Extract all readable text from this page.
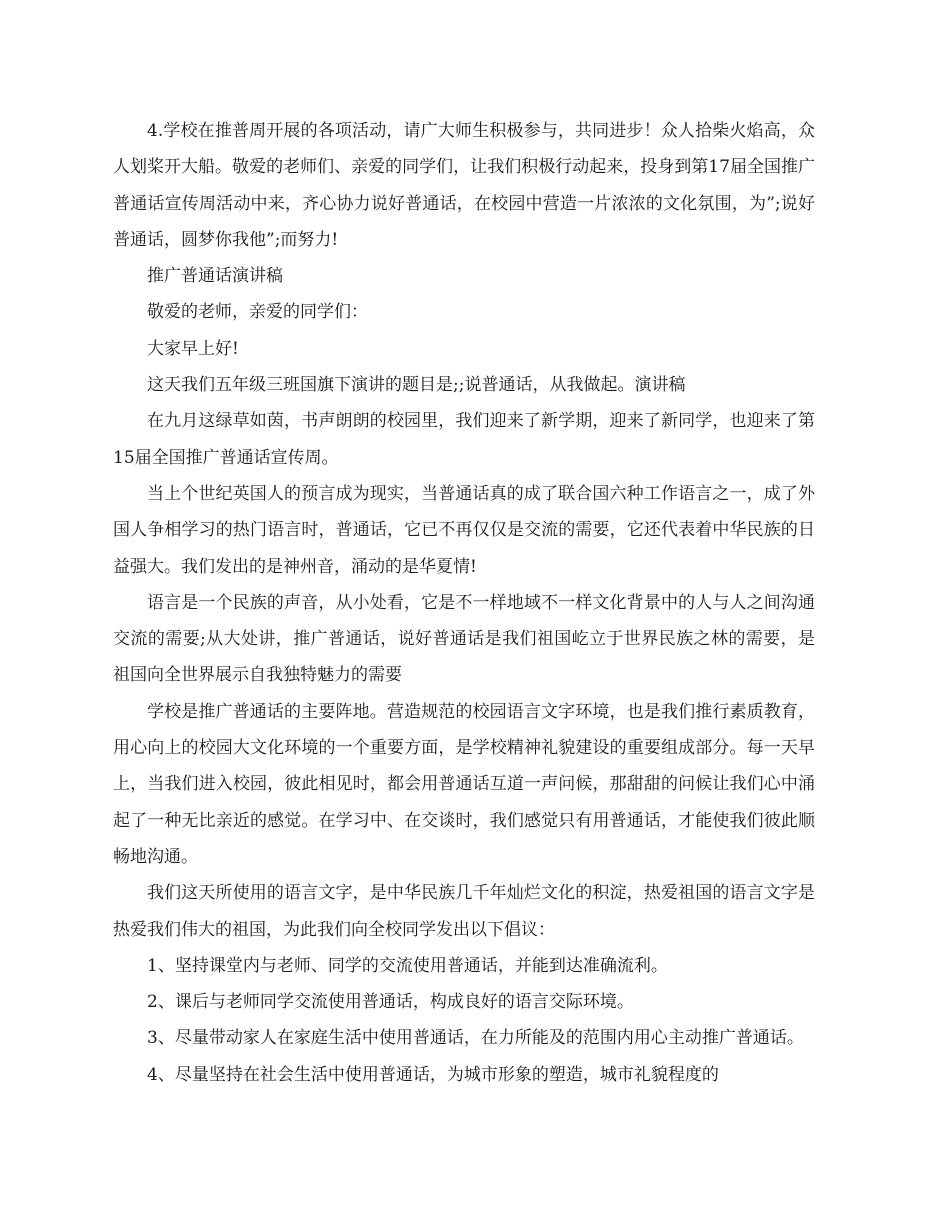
4.学校在推普周开展的各项活动，请广大师生积极参与，共同进步！众人拾柴火焰高，众人划桨开大船。敬爱的老师们、亲爱的同学们，让我们积极行动起来，投身到第17届全国推广普通话宣传周活动中来，齐心协力说好普通话，在校园中营造一片浓浓的文化氛围，为”;说好普通话，圆梦你我他”;而努力!

推广普通话演讲稿

敬爱的老师，亲爱的同学们：

大家早上好!

这天我们五年级三班国旗下演讲的题目是;;说普通话，从我做起。演讲稿

在九月这绿草如茵，书声朗朗的校园里，我们迎来了新学期，迎来了新同学，也迎来了第15届全国推广普通话宣传周。

当上个世纪英国人的预言成为现实，当普通话真的成了联合国六种工作语言之一，成了外国人争相学习的热门语言时，普通话，它已不再仅仅是交流的需要，它还代表着中华民族的日益强大。我们发出的是神州音，涌动的是华夏情!

语言是一个民族的声音，从小处看，它是不一样地域不一样文化背景中的人与人之间沟通交流的需要;从大处讲，推广普通话，说好普通话是我们祖国屹立于世界民族之林的需要，是祖国向全世界展示自我独特魅力的需要

学校是推广普通话的主要阵地。营造规范的校园语言文字环境，也是我们推行素质教育，用心向上的校园大文化环境的一个重要方面，是学校精神礼貌建设的重要组成部分。每一天早上，当我们进入校园，彼此相见时，都会用普通话互道一声问候，那甜甜的问候让我们心中涌起了一种无比亲近的感觉。在学习中、在交谈时，我们感觉只有用普通话，才能使我们彼此顺畅地沟通。

我们这天所使用的语言文字，是中华民族几千年灿烂文化的积淀，热爱祖国的语言文字是热爱我们伟大的祖国，为此我们向全校同学发出以下倡议：

1、坚持课堂内与老师、同学的交流使用普通话，并能到达准确流利。

2、课后与老师同学交流使用普通话，构成良好的语言交际环境。

3、尽量带动家人在家庭生活中使用普通话，在力所能及的范围内用心主动推广普通话。

4、尽量坚持在社会生活中使用普通话，为城市形象的塑造，城市礼貌程度的
